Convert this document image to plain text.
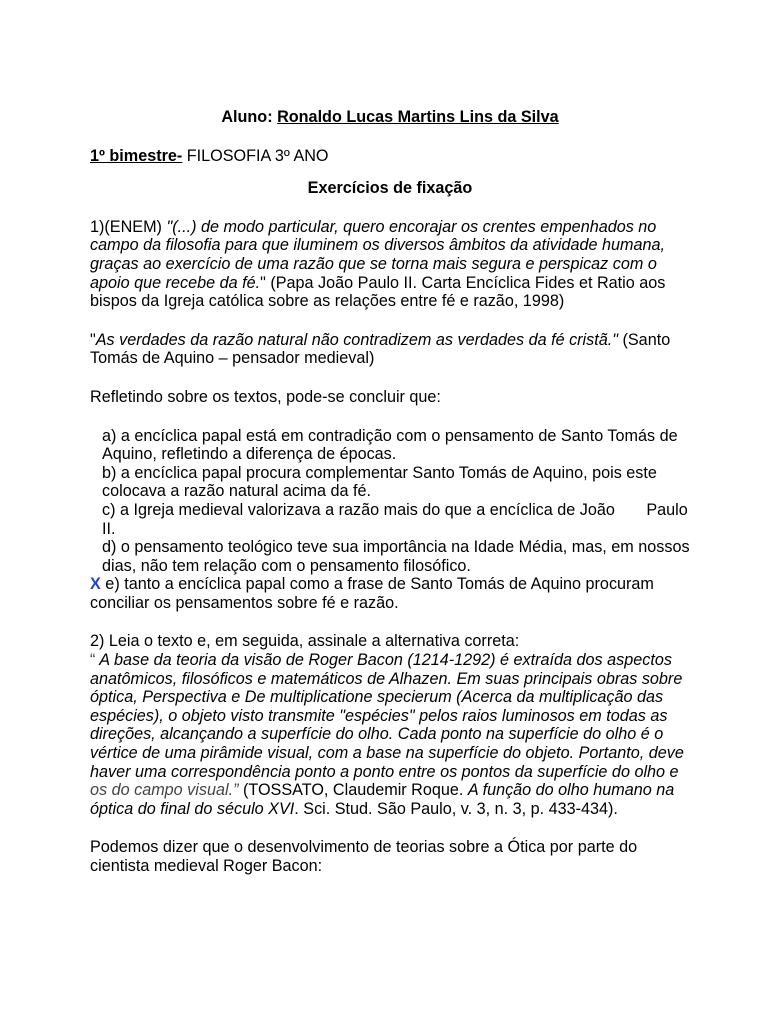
Aluno: Ronaldo Lucas Martins Lins da Silva

1º bimestre- FILOSOFIA 3º ANO

Exercícios de fixação

1)(ENEM) "(...) de modo particular, quero encorajar os crentes empenhados no campo da filosofia para que iluminem os diversos âmbitos da atividade humana, graças ao exercício de uma razão que se torna mais segura e perspicaz com o apoio que recebe da fé." (Papa João Paulo II. Carta Encíclica Fides et Ratio aos bispos da Igreja católica sobre as relações entre fé e razão, 1998)

"As verdades da razão natural não contradizem as verdades da fé cristã." (Santo Tomás de Aquino – pensador medieval)

Refletindo sobre os textos, pode-se concluir que:

a) a encíclica papal está em contradição com o pensamento de Santo Tomás de Aquino, refletindo a diferença de épocas.

b) a encíclica papal procura complementar Santo Tomás de Aquino, pois este colocava a razão natural acima da fé.

c) a Igreja medieval valorizava a razão mais do que a encíclica de João       Paulo II.

d) o pensamento teológico teve sua importância na Idade Média, mas, em nossos dias, não tem relação com o pensamento filosófico.

X e) tanto a encíclica papal como a frase de Santo Tomás de Aquino procuram conciliar os pensamentos sobre fé e razão.

2) Leia o texto e, em seguida, assinale a alternativa correta:

“ A base da teoria da visão de Roger Bacon (1214-1292) é extraída dos aspectos anatômicos, filosóficos e matemáticos de Alhazen. Em suas principais obras sobre óptica, Perspectiva e De multiplicatione specierum (Acerca da multiplicação das espécies), o objeto visto transmite "espécies" pelos raios luminosos em todas as direções, alcançando a superfície do olho. Cada ponto na superfície do olho é o vértice de uma pirâmide visual, com a base na superfície do objeto. Portanto, deve haver uma correspondência ponto a ponto entre os pontos da superfície do olho e os do campo visual.” (TOSSATO, Claudemir Roque. A função do olho humano na óptica do final do século XVI. Sci. Stud. São Paulo, v. 3, n. 3, p. 433-434).

Podemos dizer que o desenvolvimento de teorias sobre a Ótica por parte do cientista medieval Roger Bacon:
